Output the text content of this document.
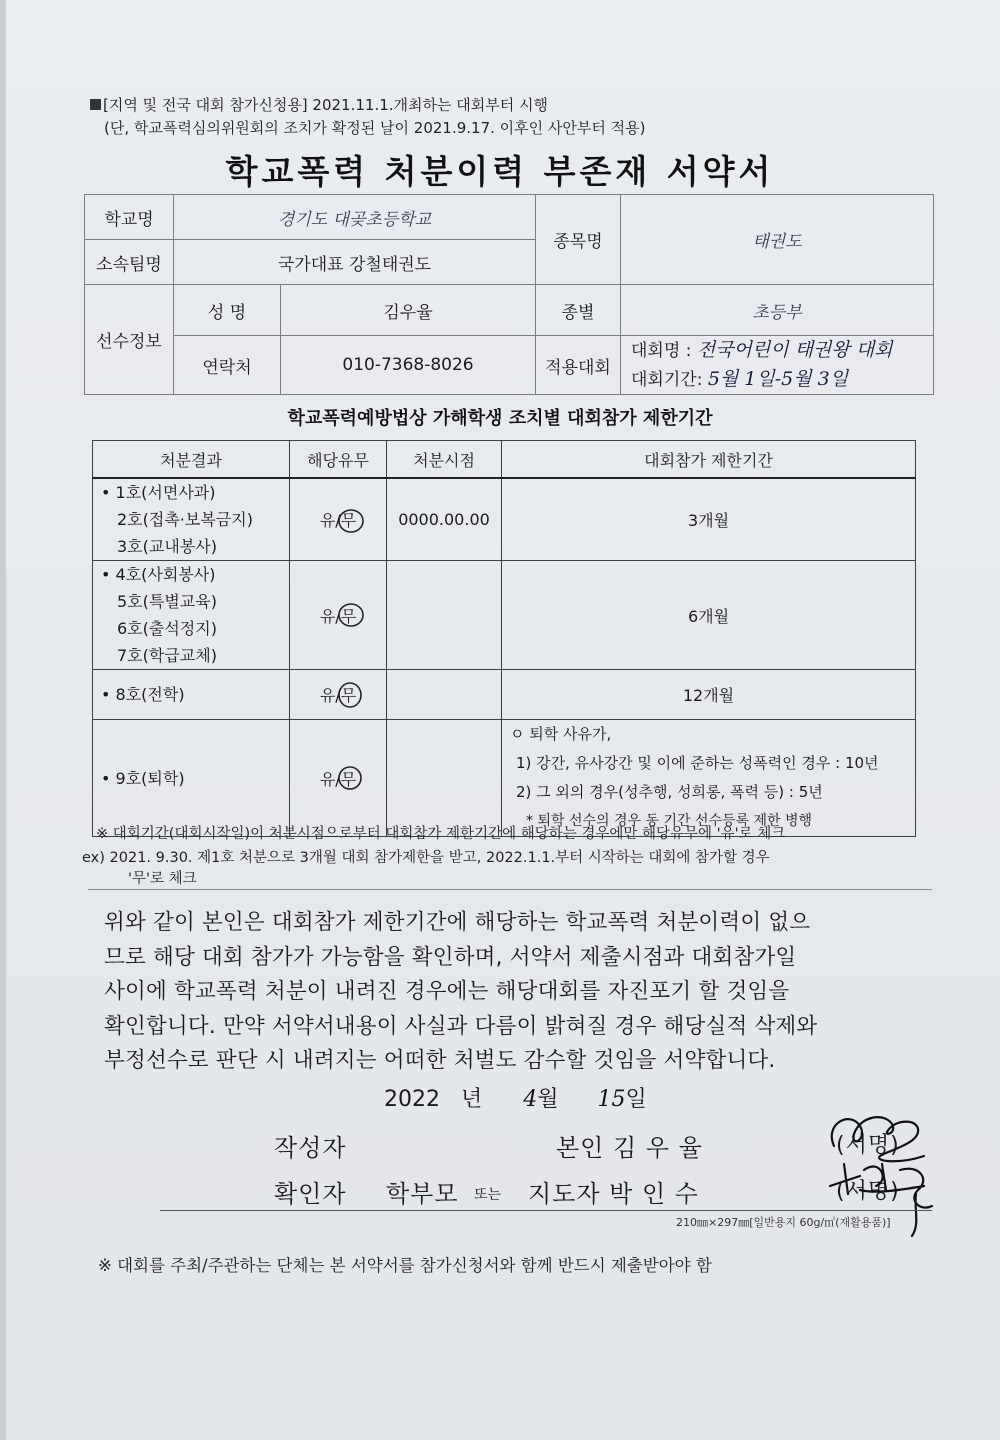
[지역 및 전국 대회 참가신청용] 2021.11.1.개최하는 대회부터 시행
(단, 학교폭력심의위원회의 조치가 확정된 날이 2021.9.17. 이후인 사안부터 적용)
학교폭력 처분이력 부존재 서약서
학교명	경기도 대곶초등학교		종목명	태권도
소속팀명	국가대표 강철태권도			
선수정보	성 명	김우율	종별	초등부
	연락처	010-7368-8026	적용대회	대회명 : 전국어린이 태권왕 대회
대회기간: 5월 1일-5월 3일
학교폭력예방법상 가해학생 조치별 대회참가 제한기간
처분결과	해당유무	처분시점	대회참가 제한기간

• 1호(서면사과)
2호(접촉·보복금지)
3호(교내봉사)	유/무	0000.00.00	3개월

• 4호(사회봉사)
5호(특별교육)
6호(출석정지)
7호(학급교체)	유/무		6개월

• 8호(전학)	유/무		12개월

• 9호(퇴학)	유/무		ㅇ 퇴학 사유가,
1) 강간, 유사강간 및 이에 준하는 성폭력인 경우 : 10년
2) 그 외의 경우(성추행, 성희롱, 폭력 등) : 5년
* 퇴학 선수의 경우 동 기간 선수등록 제한 병행
※ 대회기간(대회시작일)이 처분시점으로부터 대회참가 제한기간에 해당하는 경우에만 해당유무에 '유'로 체크
ex) 2021. 9.30. 제1호 처분으로 3개월 대회 참가제한을 받고, 2022.1.1.부터 시작하는 대회에 참가할 경우
'무'로 체크
위와 같이 본인은 대회참가 제한기간에 해당하는 학교폭력 처분이력이 없으
므로 해당 대회 참가가 가능함을 확인하며, 서약서 제출시점과 대회참가일
사이에 학교폭력 처분이 내려진 경우에는 해당대회를 자진포기 할 것임을
확인합니다. 만약 서약서내용이 사실과 다름이 밝혀질 경우 해당실적 삭제와
부정선수로 판단 시 내려지는 어떠한 처벌도 감수할 것임을 서약합니다.
2022 년 4월 15일
작성자	본인 김 우 율	(서명)
확인자 학부모 또는 지도자 박 인 수	(서명)
210㎜×297㎜[일반용지 60g/㎡(재활용품)]
※ 대회를 주최/주관하는 단체는 본 서약서를 참가신청서와 함께 반드시 제출받아야 함
